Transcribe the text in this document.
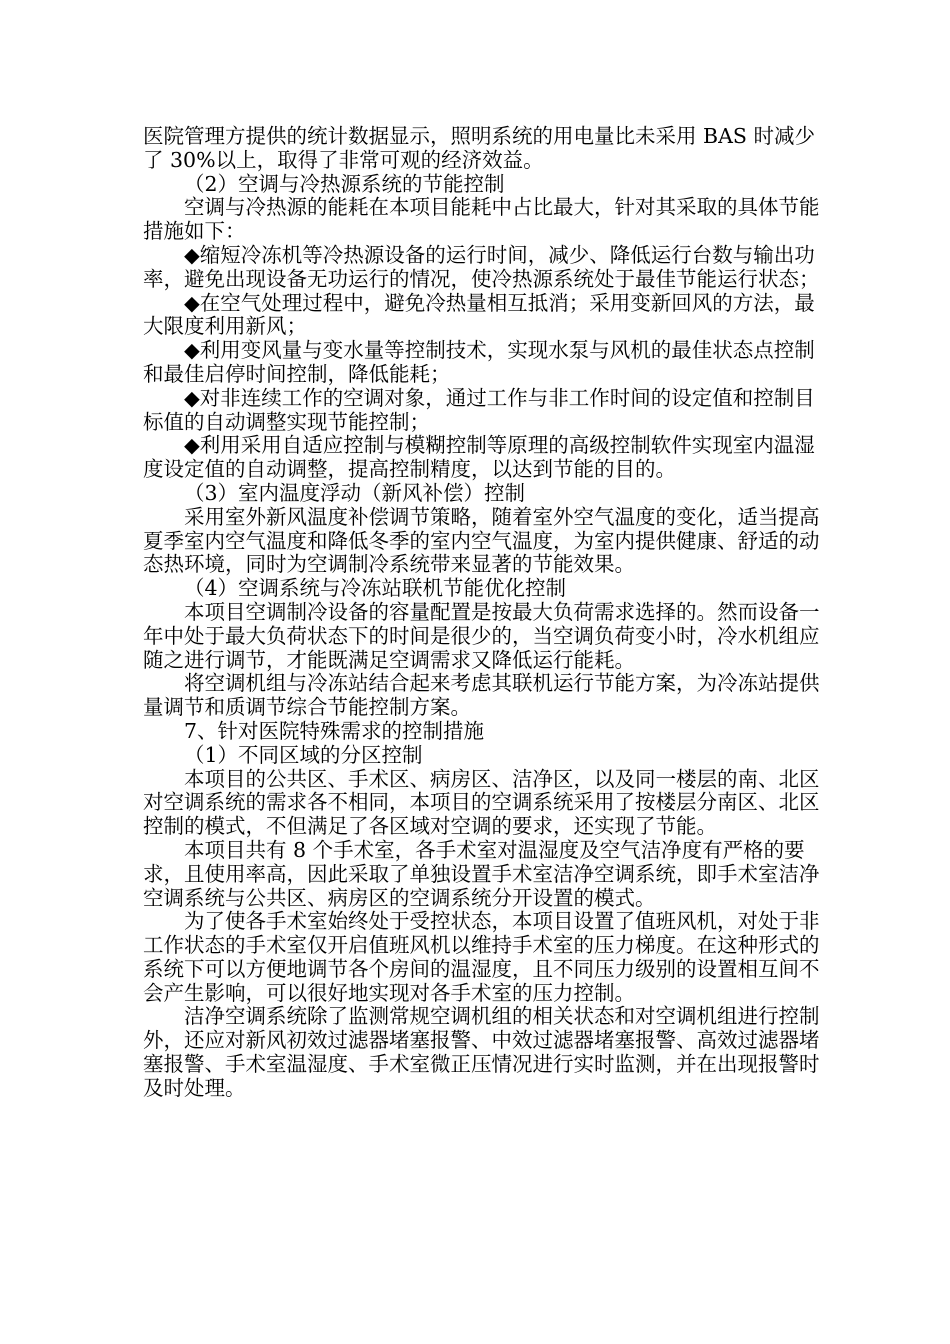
医院管理方提供的统计数据显示，照明系统的用电量比未采用 BAS 时减少了 30%以上，取得了非常可观的经济效益。

（2）空调与冷热源系统的节能控制

空调与冷热源的能耗在本项目能耗中占比最大，针对其采取的具体节能措施如下：

◆缩短冷冻机等冷热源设备的运行时间，减少、降低运行台数与输出功率，避免出现设备无功运行的情况，使冷热源系统处于最佳节能运行状态；

◆在空气处理过程中，避免冷热量相互抵消；采用变新回风的方法，最大限度利用新风；

◆利用变风量与变水量等控制技术，实现水泵与风机的最佳状态点控制和最佳启停时间控制，降低能耗；

◆对非连续工作的空调对象，通过工作与非工作时间的设定值和控制目标值的自动调整实现节能控制；

◆利用采用自适应控制与模糊控制等原理的高级控制软件实现室内温湿度设定值的自动调整，提高控制精度，以达到节能的目的。

（3）室内温度浮动（新风补偿）控制

采用室外新风温度补偿调节策略，随着室外空气温度的变化，适当提高夏季室内空气温度和降低冬季的室内空气温度，为室内提供健康、舒适的动态热环境，同时为空调制冷系统带来显著的节能效果。

（4）空调系统与冷冻站联机节能优化控制

本项目空调制冷设备的容量配置是按最大负荷需求选择的。然而设备一年中处于最大负荷状态下的时间是很少的，当空调负荷变小时，冷水机组应随之进行调节，才能既满足空调需求又降低运行能耗。

将空调机组与冷冻站结合起来考虑其联机运行节能方案，为冷冻站提供量调节和质调节综合节能控制方案。

7、针对医院特殊需求的控制措施

（1）不同区域的分区控制

本项目的公共区、手术区、病房区、洁净区，以及同一楼层的南、北区对空调系统的需求各不相同，本项目的空调系统采用了按楼层分南区、北区控制的模式，不但满足了各区域对空调的要求，还实现了节能。

本项目共有 8 个手术室，各手术室对温湿度及空气洁净度有严格的要求，且使用率高，因此采取了单独设置手术室洁净空调系统，即手术室洁净空调系统与公共区、病房区的空调系统分开设置的模式。

为了使各手术室始终处于受控状态，本项目设置了值班风机，对处于非工作状态的手术室仅开启值班风机以维持手术室的压力梯度。在这种形式的系统下可以方便地调节各个房间的温湿度，且不同压力级别的设置相互间不会产生影响，可以很好地实现对各手术室的压力控制。

洁净空调系统除了监测常规空调机组的相关状态和对空调机组进行控制外，还应对新风初效过滤器堵塞报警、中效过滤器堵塞报警、高效过滤器堵塞报警、手术室温湿度、手术室微正压情况进行实时监测，并在出现报警时及时处理。
